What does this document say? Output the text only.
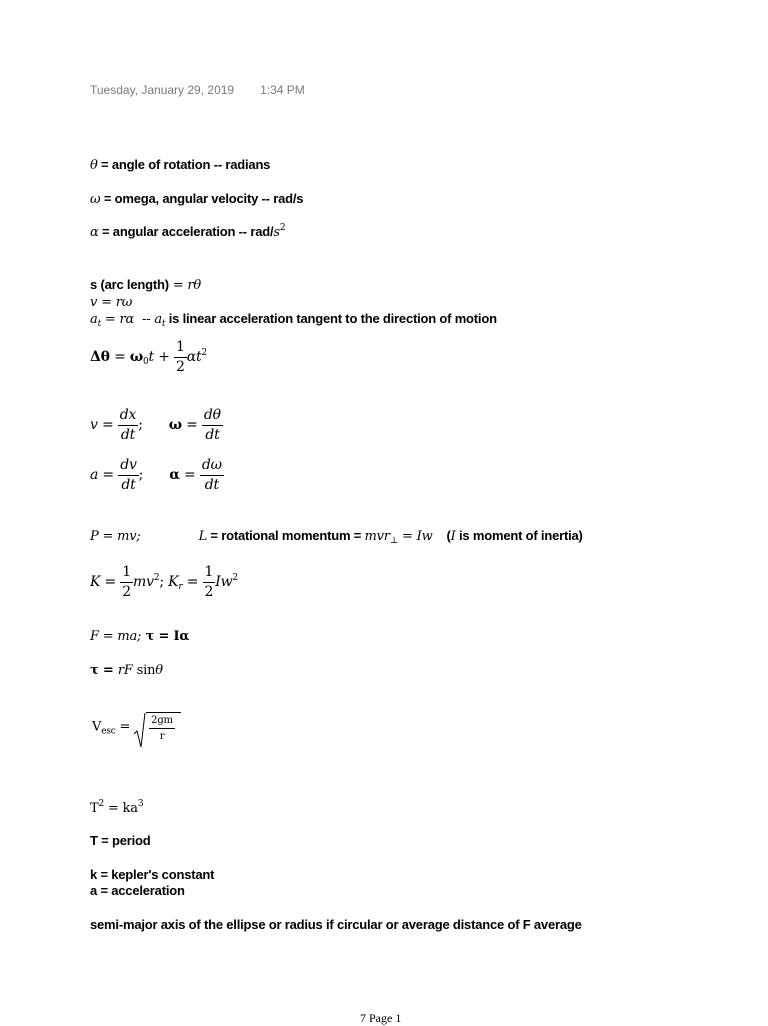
Tuesday, January 29, 2019 1:34 PM
θ = angle of rotation -- radians
ω = omega, angular velocity -- rad/s
α = angular acceleration -- rad/$s^2$
s (arc length) = rθ
v = rω
$a_t = r\alpha -- a_t$ is linear acceleration tangent to the direction of motion
$\Delta\theta = \omega_0t + \frac{1}{2} \alpha t^2$
$v = \frac{dx}{dt}$ ; $\omega = \frac{d\theta}{dt}$
$a = \frac{dv}{dt}$ ; $\alpha = \frac{d\omega}{dt}$
P = mv;	L = rotational momentum = mvr$_\perp$ = Iw (I is moment of inertia)
$K = \frac{1}{2} mv^2$; $K_r = \frac{1}{2} Iw^2$
F = ma; τ = Iα
τ = rF sinθ
$V_{esc} = \frac{2gm}{r}$
$T^2 = ka^3$
T = period
k = kepler's constant
a = acceleration
semi-major axis of the ellipse or radius if circular or average distance of F average
7 Page 1
